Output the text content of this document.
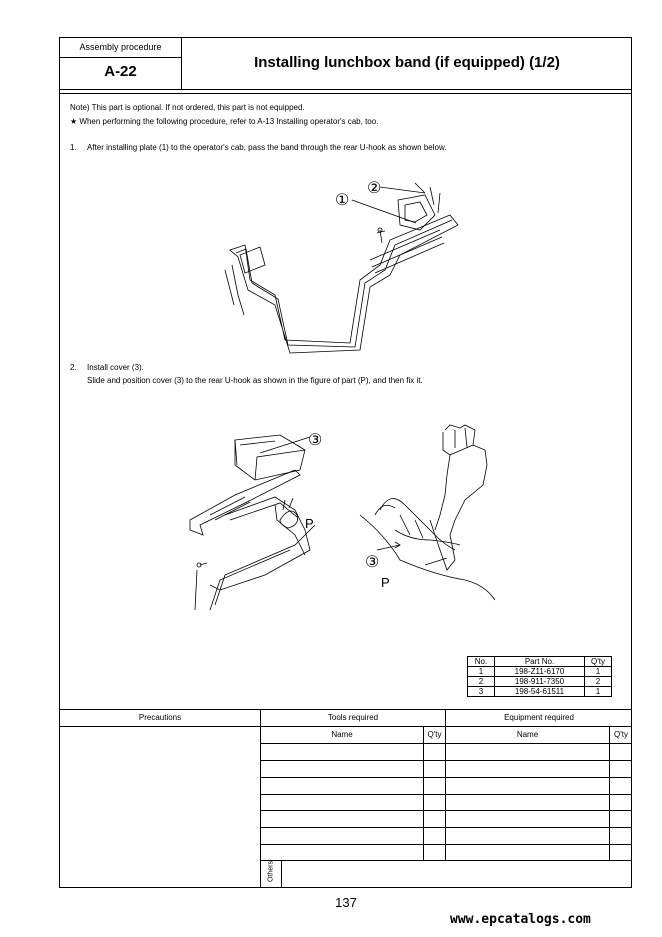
Assembly procedure
A-22
Installing lunchbox band (if equipped) (1/2)
Note) This part is optional. If not ordered, this part is not equipped.
★ When performing the following procedure, refer to A-13 Installing operator's cab, too.
1. After installing plate (1) to the operator's cab, pass the band through the rear U-hook as shown below.
①
②
2. Install cover (3).
Slide and position cover (3) to the rear U-hook as shown in the figure of part (P), and then fix it.
③
P
③
P
No.	Part No.	Q'ty
1	198-Z11-6170	1
2	198-911-7350	2
3	198-54-61511	1
Precautions	Tools required	Equipment required
Name	Q'ty	Name	Q'ty
Others
137
www.epcatalogs.com
